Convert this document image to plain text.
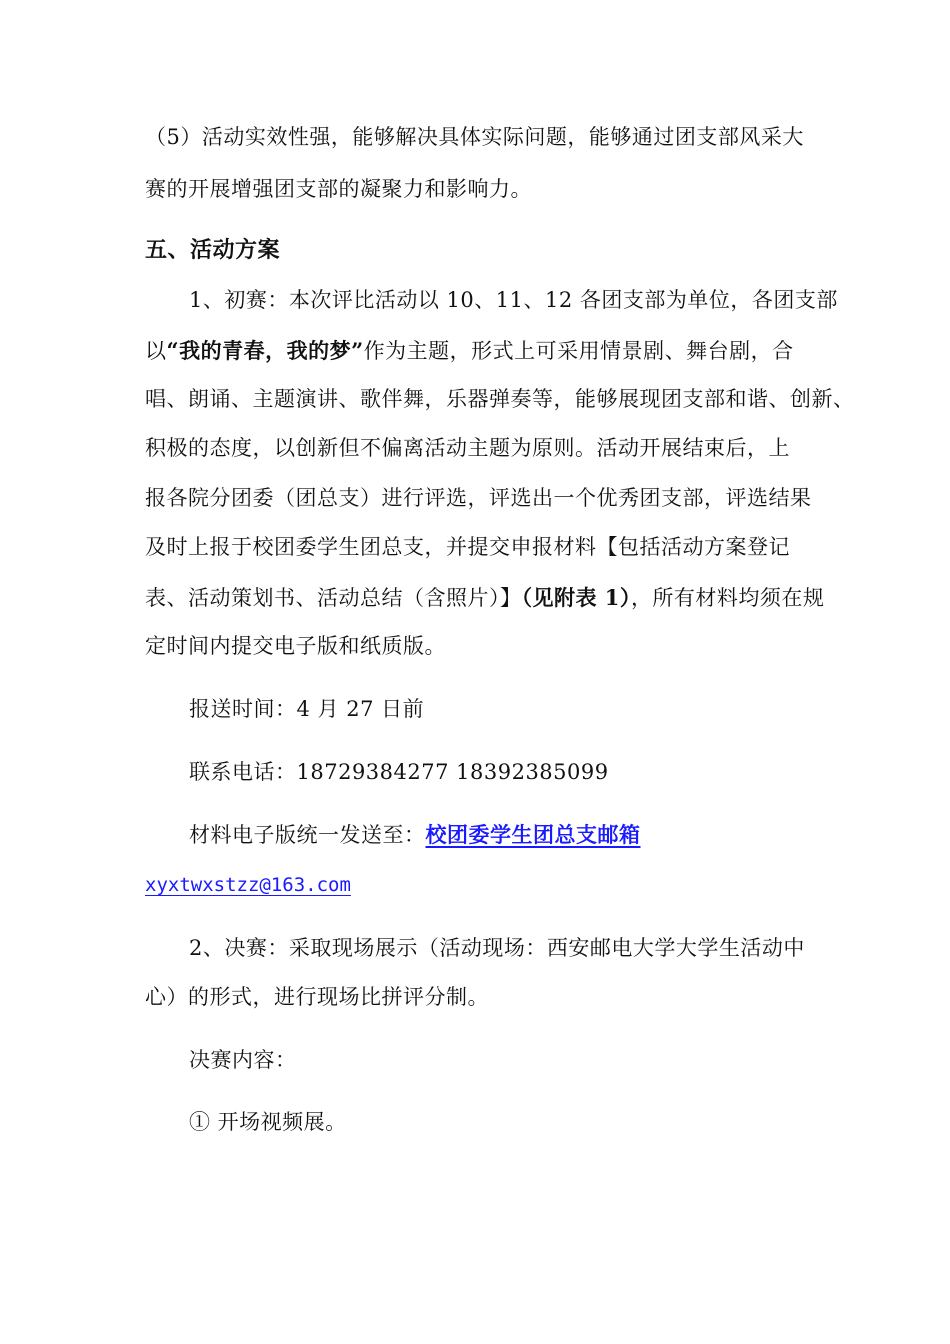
（5）活动实效性强，能够解决具体实际问题，能够通过团支部风采大
赛的开展增强团支部的凝聚力和影响力。
五、活动方案
1、初赛：本次评比活动以 10、11、12 各团支部为单位，各团支部
以“我的青春，我的梦”作为主题，形式上可采用情景剧、舞台剧，合
唱、朗诵、主题演讲、歌伴舞，乐器弹奏等，能够展现团支部和谐、创新、
积极的态度，以创新但不偏离活动主题为原则。活动开展结束后，上
报各院分团委（团总支）进行评选，评选出一个优秀团支部，评选结果
及时上报于校团委学生团总支，并提交申报材料【包括活动方案登记
表、活动策划书、活动总结（含照片）】（见附表 1），所有材料均须在规
定时间内提交电子版和纸质版。
报送时间：4 月 27 日前
联系电话：18729384277 18392385099
材料电子版统一发送至：校团委学生团总支邮箱
xyxtwxstzz@163.com
2、决赛：采取现场展示（活动现场：西安邮电大学大学生活动中
心）的形式，进行现场比拼评分制。
决赛内容：
① 开场视频展。
